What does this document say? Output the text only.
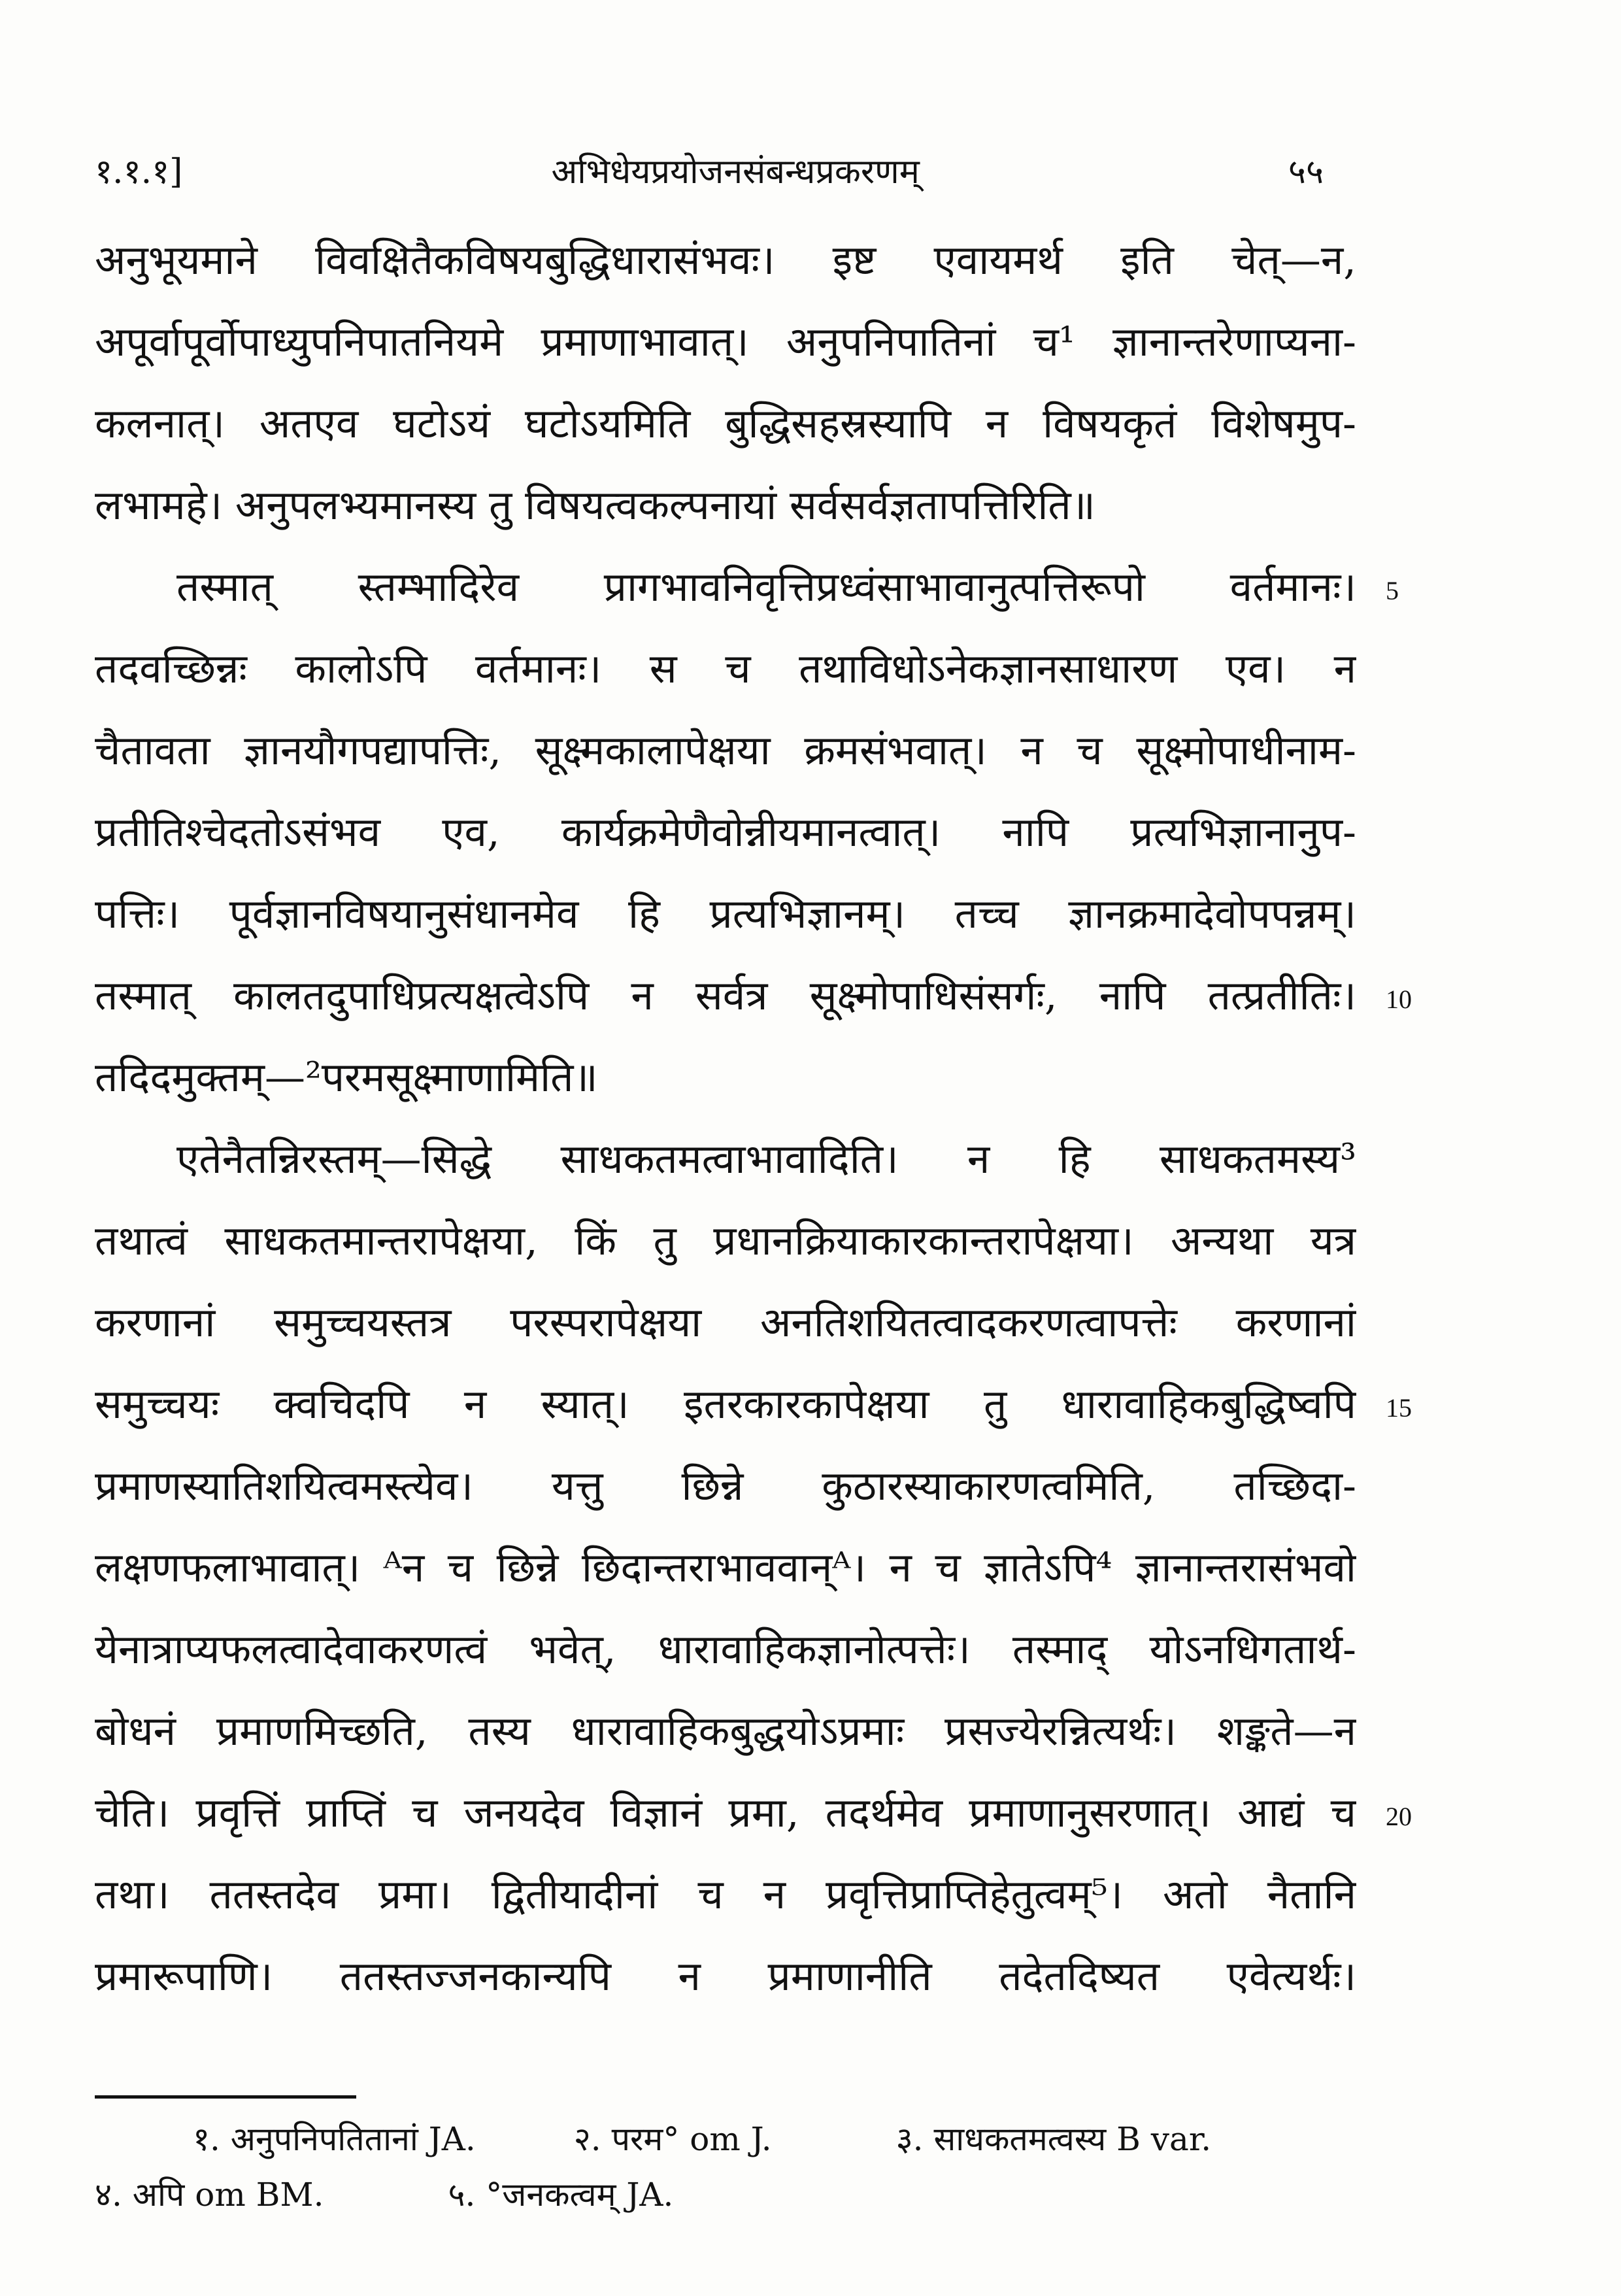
१.१.१]	अभिधेयप्रयोजनसंबन्धप्रकरणम्	५५
अनुभूयमाने विवक्षितैकविषयबुद्धिधारासंभवः। इष्ट एवायमर्थ इति चेत्—न,
अपूर्वापूर्वोपाध्युपनिपातनियमे प्रमाणाभावात्। अनुपनिपातिनां च¹ ज्ञानान्तरेणाप्यना-
कलनात्। अतएव घटोऽयं घटोऽयमिति बुद्धिसहस्रस्यापि न विषयकृतं विशेषमुप-
लभामहे। अनुपलभ्यमानस्य तु विषयत्वकल्पनायां सर्वसर्वज्ञतापत्तिरिति॥
तस्मात् स्तम्भादिरेव प्रागभावनिवृत्तिप्रध्वंसाभावानुत्पत्तिरूपो वर्तमानः।
तदवच्छिन्नः कालोऽपि वर्तमानः। स च तथाविधोऽनेकज्ञानसाधारण एव। न
चैतावता ज्ञानयौगपद्यापत्तिः, सूक्ष्मकालापेक्षया क्रमसंभवात्। न च सूक्ष्मोपाधीनाम-
प्रतीतिश्चेदतोऽसंभव एव, कार्यक्रमेणैवोन्नीयमानत्वात्। नापि प्रत्यभिज्ञानानुप-
पत्तिः। पूर्वज्ञानविषयानुसंधानमेव हि प्रत्यभिज्ञानम्। तच्च ज्ञानक्रमादेवोपपन्नम्।
तस्मात् कालतदुपाधिप्रत्यक्षत्वेऽपि न सर्वत्र सूक्ष्मोपाधिसंसर्गः, नापि तत्प्रतीतिः।
तदिदमुक्तम्—²परमसूक्ष्माणामिति॥
एतेनैतन्निरस्तम्—सिद्धे साधकतमत्वाभावादिति। न हि साधकतमस्य³
तथात्वं साधकतमान्तरापेक्षया, किं तु प्रधानक्रियाकारकान्तरापेक्षया। अन्यथा यत्र
करणानां समुच्चयस्तत्र परस्परापेक्षया अनतिशयितत्वादकरणत्वापत्तेः करणानां
समुच्चयः क्वचिदपि न स्यात्। इतरकारकापेक्षया तु धारावाहिकबुद्धिष्वपि
प्रमाणस्यातिशयित्वमस्त्येव। यत्तु छिन्ने कुठारस्याकारणत्वमिति, तच्छिदा-
लक्षणफलाभावात्। ᴬन च छिन्ने छिदान्तराभाववान्ᴬ। न च ज्ञातेऽपि⁴ ज्ञानान्तरासंभवो
येनात्राप्यफलत्वादेवाकरणत्वं भवेत्, धारावाहिकज्ञानोत्पत्तेः। तस्माद् योऽनधिगतार्थ-
बोधनं प्रमाणमिच्छति, तस्य धारावाहिकबुद्धयोऽप्रमाः प्रसज्येरन्नित्यर्थः। शङ्कते—न
चेति। प्रवृत्तिं प्राप्तिं च जनयदेव विज्ञानं प्रमा, तदर्थमेव प्रमाणानुसरणात्। आद्यं च
तथा। ततस्तदेव प्रमा। द्वितीयादीनां च न प्रवृत्तिप्राप्तिहेतुत्वम्⁵। अतो नैतानि
प्रमारूपाणि। ततस्तज्जनकान्यपि न प्रमाणानीति तदेतदिष्यत एवेत्यर्थः।
5
10
15
20
१. अनुपनिपतितानां JA.	२. परम° om J.	३. साधकतमत्वस्य B var.
४. अपि om BM.	५. °जनकत्वम् JA.
